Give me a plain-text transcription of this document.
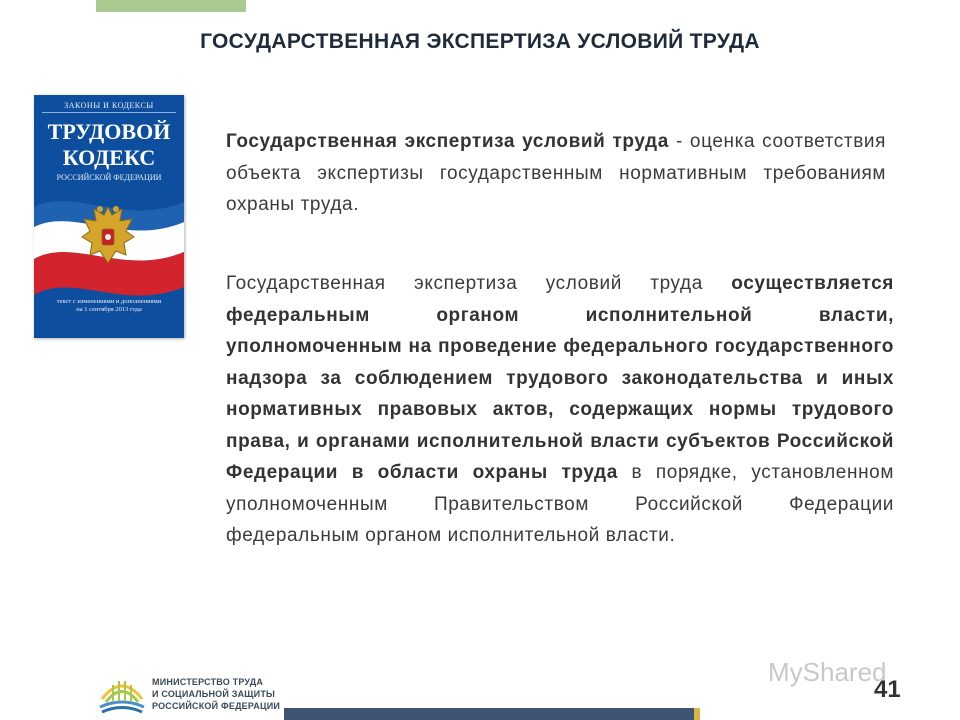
ГОСУДАРСТВЕННАЯ ЭКСПЕРТИЗА УСЛОВИЙ ТРУДА
ЗАКОНЫ И КОДЕКСЫ
ТРУДОВОЙ
КОДЕКС
РОССИЙСКОЙ ФЕДЕРАЦИИ
текст с изменениями и дополнениями
на 1 сентября 2013 года
Государственная экспертиза условий труда - оценка соответствия объекта экспертизы государственным нормативным требованиям охраны труда.
Государственная экспертиза условий труда осуществляется федеральным органом исполнительной власти, уполномоченным на проведение федерального государственного надзора за соблюдением трудового законодательства и иных нормативных правовых актов, содержащих нормы трудового права, и органами исполнительной власти субъектов Российской Федерации в области охраны труда в порядке, установленном уполномоченным Правительством Российской Федерации федеральным органом исполнительной власти.
МИНИСТЕРСТВО ТРУДА
И СОЦИАЛЬНОЙ ЗАЩИТЫ
РОССИЙСКОЙ ФЕДЕРАЦИИ
MyShared
41
